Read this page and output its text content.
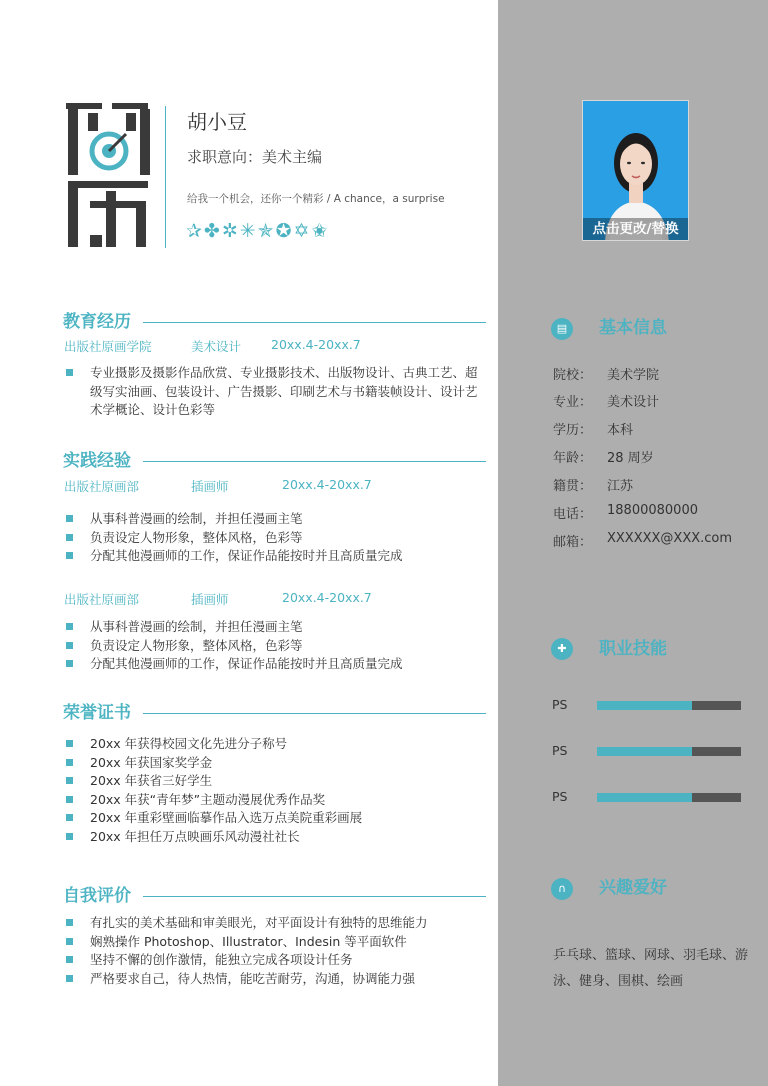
胡小豆
求职意向：美术主编
给我一个机会，还你一个精彩 / A chance，a surprise
✰✤✲✳✯✪✡✬	点击更改/替换
教育经历
出版社原画学院	美术设计 20xx.4-20xx.7
专业摄影及摄影作品欣赏、专业摄影技术、出版物设计、古典工艺、超级写实油画、包装设计、广告摄影、印刷艺术与书籍装帧设计、设计艺术学概论、设计色彩等
实践经验
出版社原画部	插画师	20xx.4-20xx.7
从事科普漫画的绘制，并担任漫画主笔
负责设定人物形象，整体风格，色彩等
分配其他漫画师的工作，保证作品能按时并且高质量完成
出版社原画部	插画师	20xx.4-20xx.7
从事科普漫画的绘制，并担任漫画主笔
负责设定人物形象，整体风格，色彩等
分配其他漫画师的工作，保证作品能按时并且高质量完成
荣誉证书
20xx 年获得校园文化先进分子称号
20xx 年获国家奖学金
20xx 年获省三好学生
20xx 年获“青年梦”主题动漫展优秀作品奖
20xx 年重彩壁画临摹作品入选万点美院重彩画展
20xx 年担任万点映画乐风动漫社社长
自我评价
有扎实的美术基础和审美眼光，对平面设计有独特的思维能力
娴熟操作 Photoshop、Illustrator、Indesin 等平面软件
坚持不懈的创作激情，能独立完成各项设计任务
严格要求自己，待人热情，能吃苦耐劳，沟通，协调能力强
▤	基本信息
院校： 美术学院
专业： 美术设计
学历： 本科
年龄： 28 周岁
籍贯： 江苏
电话： 18800080000
邮箱： XXXXXX@XXX.com
✚	职业技能
PS
PS
PS
∩	兴趣爱好
乒乓球、篮球、网球、羽毛球、游泳、健身、围棋、绘画
